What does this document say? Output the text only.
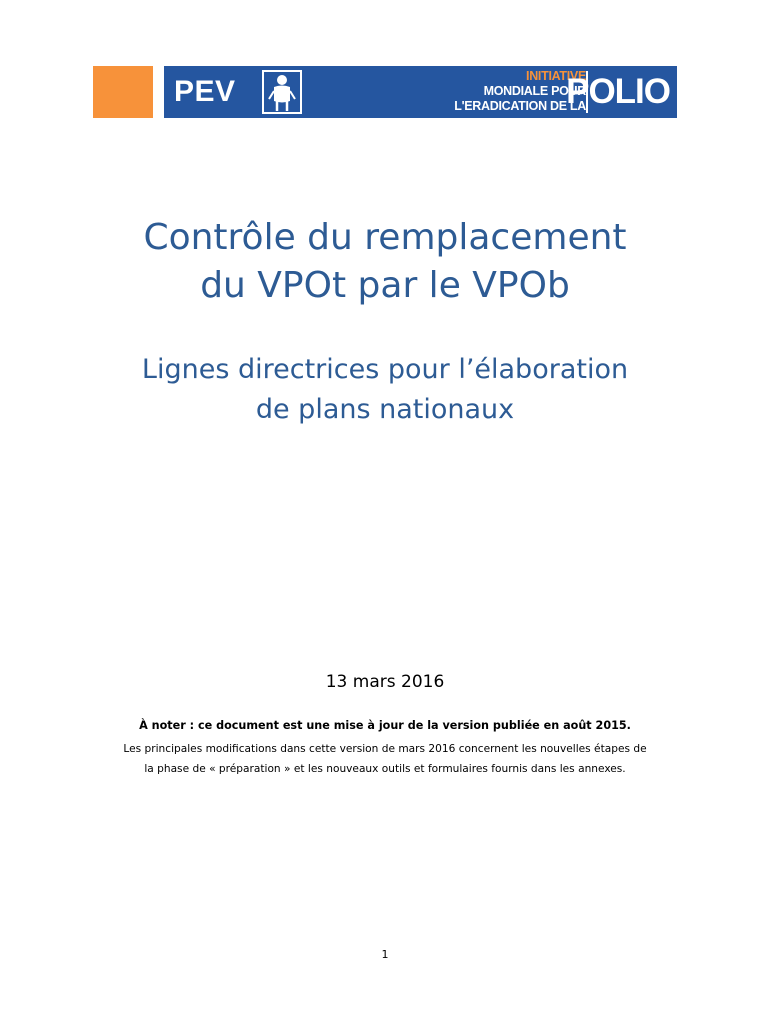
PEV	INITIATIVE
MONDIALE POUR
L'ERADICATION DE LA
POLIO
Contrôle du remplacement
du VPOt par le VPOb
Lignes directrices pour l’élaboration
de plans nationaux
13 mars 2016
À noter : ce document est une mise à jour de la version publiée en août 2015.
Les principales modifications dans cette version de mars 2016 concernent les nouvelles étapes de
la phase de « préparation » et les nouveaux outils et formulaires fournis dans les annexes.
1
